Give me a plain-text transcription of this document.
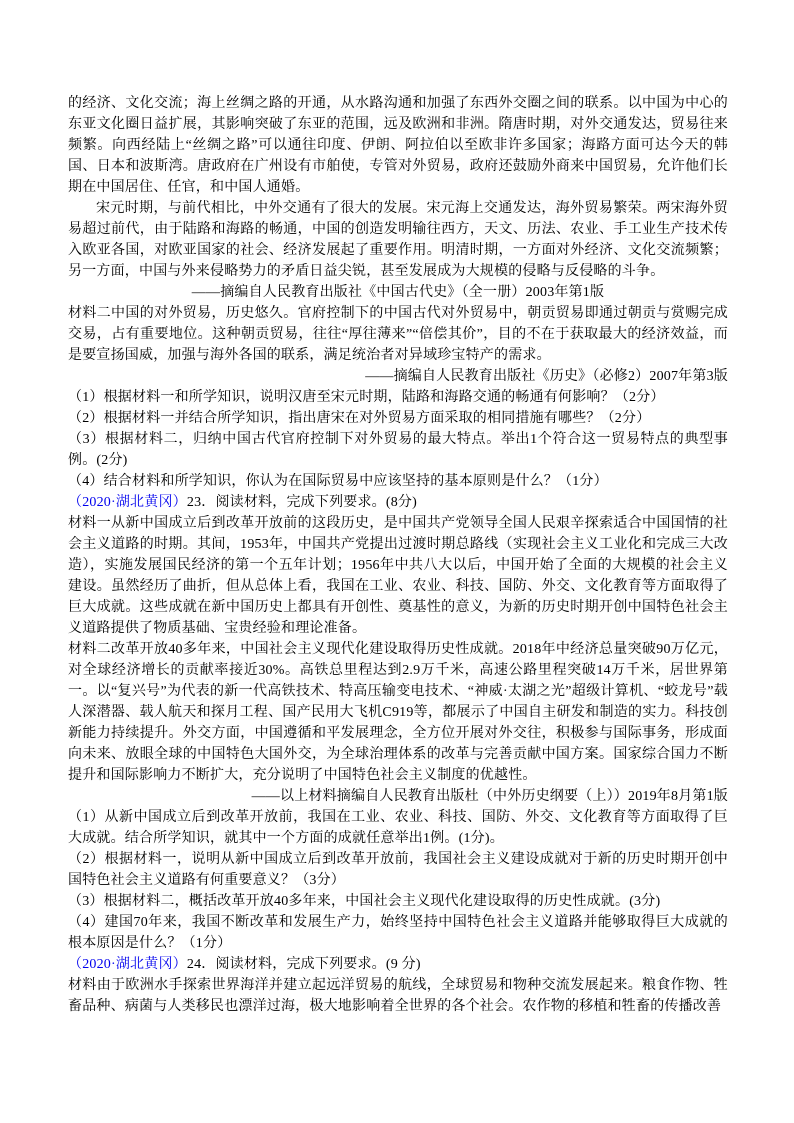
的经济、文化交流；海上丝绸之路的开通，从水路沟通和加强了东西外交圈之间的联系。以中国为中心的东亚文化圈日益扩展，其影响突破了东亚的范围，远及欧洲和非洲。隋唐时期，对外交通发达，贸易往来频繁。向西经陆上“丝绸之路”可以通往印度、伊朗、阿拉伯以至欧非许多国家；海路方面可达今天的韩国、日本和波斯湾。唐政府在广州设有市舶使，专管对外贸易，政府还鼓励外商来中国贸易，允许他们长期在中国居住、任官，和中国人通婚。

宋元时期，与前代相比，中外交通有了很大的发展。宋元海上交通发达，海外贸易繁荣。两宋海外贸易超过前代，由于陆路和海路的畅通，中国的创造发明输往西方，天文、历法、农业、手工业生产技术传入欧亚各国，对欧亚国家的社会、经济发展起了重要作用。明清时期，一方面对外经济、文化交流频繁；另一方面，中国与外来侵略势力的矛盾日益尖锐，甚至发展成为大规模的侵略与反侵略的斗争。

——摘编自人民教育出版社《中国古代史》（全一册）2003年第1版

材料二中国的对外贸易，历史悠久。官府控制下的中国古代对外贸易中，朝贡贸易即通过朝贡与赏赐完成交易，占有重要地位。这种朝贡贸易，往往“厚往薄来”“倍偿其价”，目的不在于获取最大的经济效益，而是要宣扬国威，加强与海外各国的联系，满足统治者对异域珍宝特产的需求。

——摘编自人民教育出版社《历史》（必修2）2007年第3版

（1）根据材料一和所学知识，说明汉唐至宋元时期，陆路和海路交通的畅通有何影响？（2分）

（2）根据材料一并结合所学知识，指出唐宋在对外贸易方面采取的相同措施有哪些？（2分）

（3）根据材料二，归纳中国古代官府控制下对外贸易的最大特点。举出1个符合这一贸易特点的典型事例。(2分)

（4）结合材料和所学知识，你认为在国际贸易中应该坚持的基本原则是什么？（1分）

（2020·湖北黄冈）23．阅读材料，完成下列要求。(8分)

材料一从新中国成立后到改革开放前的这段历史，是中国共产党领导全国人民艰辛探索适合中国国情的社会主义道路的时期。其间，1953年，中国共产党提出过渡时期总路线（实现社会主义工业化和完成三大改造），实施发展国民经济的第一个五年计划；1956年中共八大以后，中国开始了全面的大规模的社会主义建设。虽然经历了曲折，但从总体上看，我国在工业、农业、科技、国防、外交、文化教育等方面取得了巨大成就。这些成就在新中国历史上都具有开创性、奠基性的意义，为新的历史时期开创中国特色社会主义道路提供了物质基础、宝贵经验和理论准备。

材料二改革开放40多年来，中国社会主义现代化建设取得历史性成就。2018年中经济总量突破90万亿元，对全球经济增长的贡献率接近30%。高铁总里程达到2.9万千米，高速公路里程突破14万千米，居世界第一。以“复兴号”为代表的新一代高铁技术、特高压输变电技术、“神威·太湖之光”超级计算机、“蛟龙号”载人深潜器、载人航天和探月工程、国产民用大飞机C919等，都展示了中国自主研发和制造的实力。科技创新能力持续提升。外交方面，中国遵循和平发展理念，全方位开展对外交往，积极参与国际事务，形成面向未来、放眼全球的中国特色大国外交，为全球治理体系的改革与完善贡献中国方案。国家综合国力不断提升和国际影响力不断扩大，充分说明了中国特色社会主义制度的优越性。

——以上材料摘编自人民教育出版杜（中外历史纲要（上））2019年8月第1版

（1）从新中国成立后到改革开放前，我国在工业、农业、科技、国防、外交、文化教育等方面取得了巨大成就。结合所学知识，就其中一个方面的成就任意举出1例。(1分)。

（2）根据材料一，说明从新中国成立后到改革开放前，我国社会主义建设成就对于新的历史时期开创中国特色社会主义道路有何重要意义？（3分）

（3）根据材料二，概括改革开放40多年来，中国社会主义现代化建设取得的历史性成就。(3分)

（4）建国70年来，我国不断改革和发展生产力，始终坚持中国特色社会主义道路并能够取得巨大成就的根本原因是什么？（1分）

（2020·湖北黄冈）24．阅读材料，完成下列要求。(9 分)

材料由于欧洲水手探索世界海洋并建立起远洋贸易的航线，全球贸易和物种交流发展起来。粮食作物、牲畜品种、病菌与人类移民也漂洋过海，极大地影响着全世界的各个社会。农作物的移植和牲畜的传播改善
